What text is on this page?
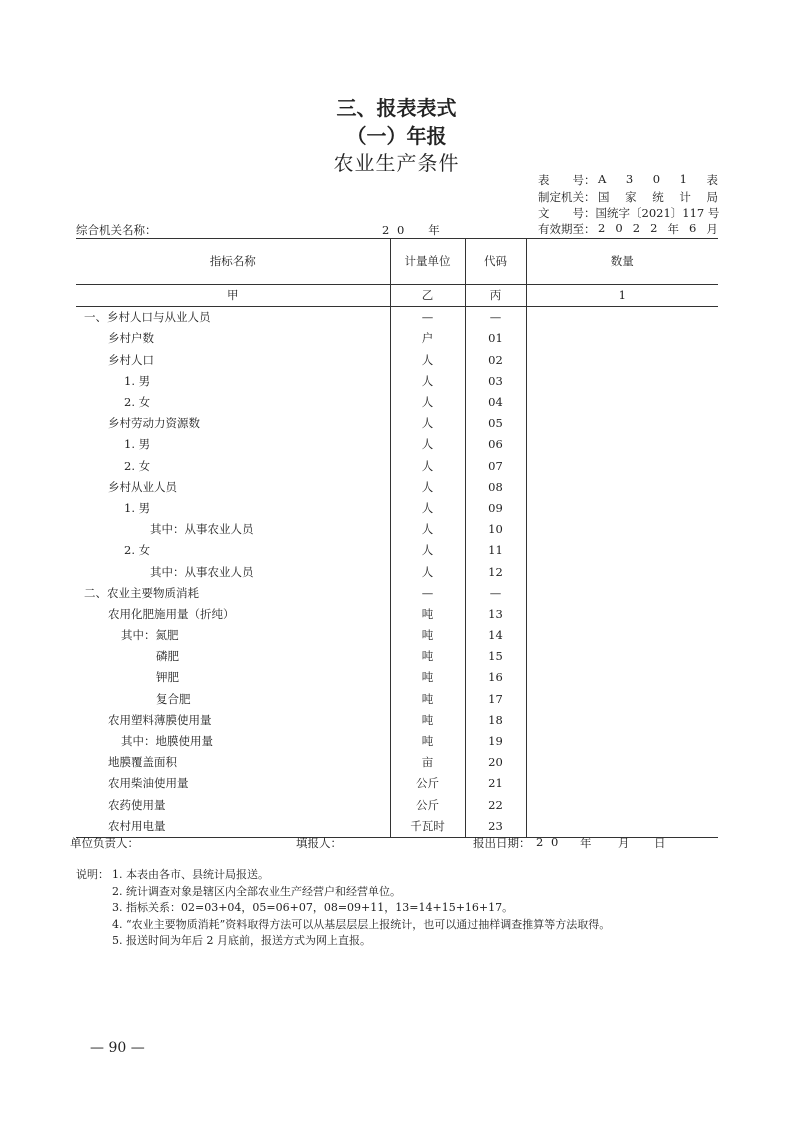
三、报表表式
（一）年报
农业生产条件
表　　号： A 3 0 1 表
制定机关： 国 家 统 计 局
文　　号： 国统字〔2021〕117 号
有效期至： 2 0 2 2 年 6 月
综合机关名称：	2 0 年
指标名称	计量单位	代码	数量
甲	乙	丙	1
一、乡村人口与从业人员	—	—	
乡村户数	户	01	
乡村人口	人	02	
1. 男	人	03	
2. 女	人	04	
乡村劳动力资源数	人	05	
1. 男	人	06	
2. 女	人	07	
乡村从业人员	人	08	
1. 男	人	09	
其中：从事农业人员	人	10	
2. 女	人	11	
其中：从事农业人员	人	12	
二、农业主要物质消耗	—	—	
农用化肥施用量（折纯）	吨	13	
其中：氮肥	吨	14	
磷肥	吨	15	
钾肥	吨	16	
复合肥	吨	17	
农用塑料薄膜使用量	吨	18	
其中：地膜使用量	吨	19	
地膜覆盖面积	亩	20	
农用柴油使用量	公斤	21	
农药使用量	公斤	22	
农村用电量	千瓦时	23	
单位负责人：	填报人：	报出日期： 2 0 年 月 日
说明： 1. 本表由各市、县统计局报送。
2. 统计调查对象是辖区内全部农业生产经营户和经营单位。
3. 指标关系：02=03+04，05=06+07，08=09+11，13=14+15+16+17。
4. “农业主要物质消耗”资料取得方法可以从基层层层上报统计，也可以通过抽样调查推算等方法取得。
5. 报送时间为年后 2 月底前，报送方式为网上直报。
— 90 —
